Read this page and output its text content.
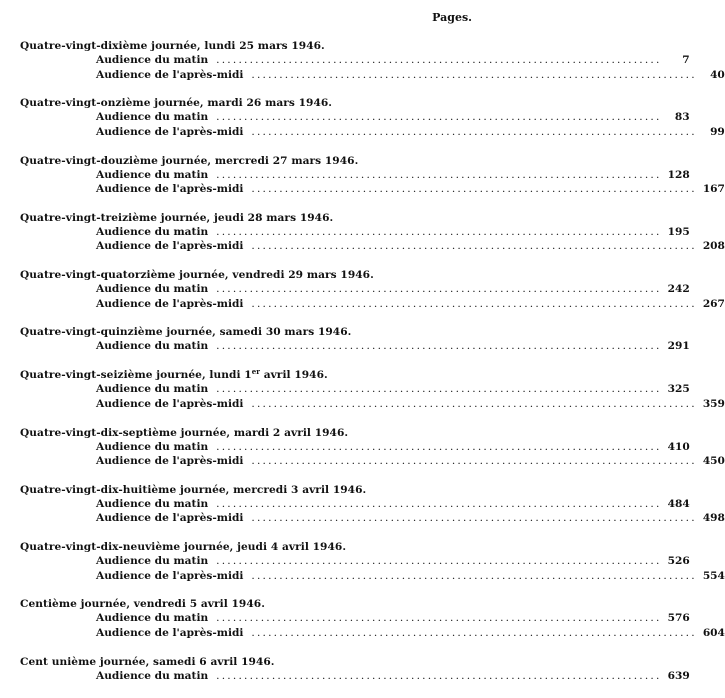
Pages.
Quatre-vingt-dixième journée, lundi 25 mars 1946.
Audience du matin ................................................................................	7
Audience de l'après-midi ................................................................................	40
Quatre-vingt-onzième journée, mardi 26 mars 1946.
Audience du matin ................................................................................	83
Audience de l'après-midi ................................................................................	99
Quatre-vingt-douzième journée, mercredi 27 mars 1946.
Audience du matin ................................................................................ 128
Audience de l'après-midi ................................................................................ 167
Quatre-vingt-treizième journée, jeudi 28 mars 1946.
Audience du matin ................................................................................ 195
Audience de l'après-midi ................................................................................ 208
Quatre-vingt-quatorzième journée, vendredi 29 mars 1946.
Audience du matin ................................................................................ 242
Audience de l'après-midi ................................................................................ 267
Quatre-vingt-quinzième journée, samedi 30 mars 1946.
Audience du matin ................................................................................ 291
Quatre-vingt-seizième journée, lundi 1er avril 1946.
Audience du matin ................................................................................ 325
Audience de l'après-midi ................................................................................ 359
Quatre-vingt-dix-septième journée, mardi 2 avril 1946.
Audience du matin ................................................................................ 410
Audience de l'après-midi ................................................................................ 450
Quatre-vingt-dix-huitième journée, mercredi 3 avril 1946.
Audience du matin ................................................................................ 484
Audience de l'après-midi ................................................................................ 498
Quatre-vingt-dix-neuvième journée, jeudi 4 avril 1946.
Audience du matin ................................................................................ 526
Audience de l'après-midi ................................................................................ 554
Centième journée, vendredi 5 avril 1946.
Audience du matin ................................................................................ 576
Audience de l'après-midi ................................................................................ 604
Cent unième journée, samedi 6 avril 1946.
Audience du matin ................................................................................ 639
